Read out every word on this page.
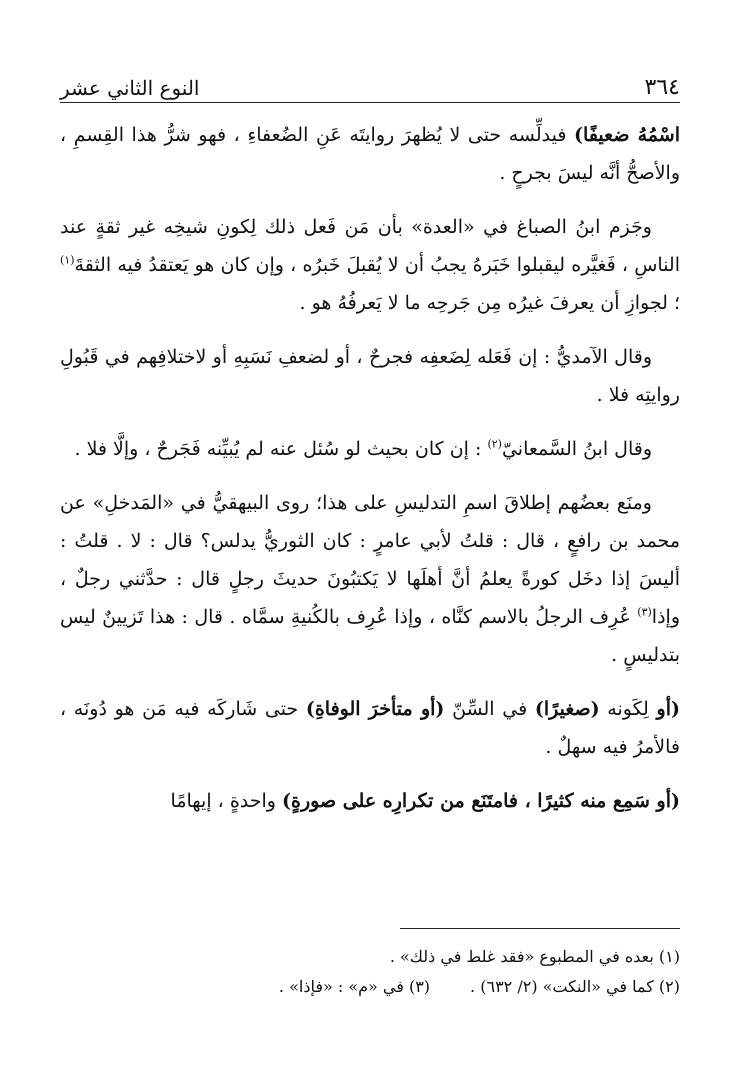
النوع الثاني عشر	٣٦٤

اسْمُهُ ضعيفًا) فيدلِّسه حتى لا يُظهرَ روايتَه عَنِ الضُعفاءِ ، فهو شرُّ هذا القِسمِ ، والأصحُّ أنَّه ليسَ بجرحٍ .

وجَزم ابنُ الصباغ في «العدة» بأن مَن فَعل ذلك لِكونِ شيخِه غير ثقةٍ عند الناسِ ، فَغيَّره ليقبلوا خَبَرهُ يجبُ أن لا يُقبلَ خَبرُه ، وإن كان هو يَعتقدُ فيه الثقةَ$^{(١)}$ ؛ لجوازِ أن يعرفَ غيرُه مِن جَرحِه ما لا يَعرفُهُ هو .

وقال الآمديُّ : إن فَعَله لِضَعفِه فجرحٌ ، أو لضعفِ نَسَبِهِ أو لاختلافِهم في قَبُولِ روايتِه فلا .

وقال ابنُ السَّمعانيّ$^{(٢)}$ : إن كان بحيث لو سُئل عنه لم يُبيِّنه فَجَرحٌ ، وإلَّا فلا .

ومنَع بعضُهم إطلاقَ اسمِ التدليسِ على هذا؛ روى البيهقيُّ في «المَدخلِ» عن محمد بن رافعٍ ، قال : قلتُ لأبي عامرٍ : كان الثوريُّ يدلس؟ قال : لا . قلتُ : أليسَ إذا دخَل كورةً يعلمُ أنَّ أهلَها لا يَكتبُونَ حديثَ رجلٍ قال : حدَّثني رجلٌ ، وإذا$^{(٣)}$ عُرِف الرجلُ بالاسم كنَّاه ، وإذا عُرِف بالكُنيةِ سمَّاه . قال : هذا تَزيينٌ ليس بتدليسٍ .

(أو لِكَونه (صغيرًا) في السِّنّ (أو متأخرَ الوفاةِ) حتى شَاركَه فيه مَن هو دُونَه ، فالأمرُ فيه سهلٌ .

(أو سَمِع منه كثيرًا ، فامتَنَع من تكرارِه على صورةٍ) واحدةٍ ، إيهامًا

(١) بعده في المطبوع «فقد غلط في ذلك» .
(٢) كما في «النكت» (٢/ ٦٣٢) .
(٣) في «م» : «فإذا» .
